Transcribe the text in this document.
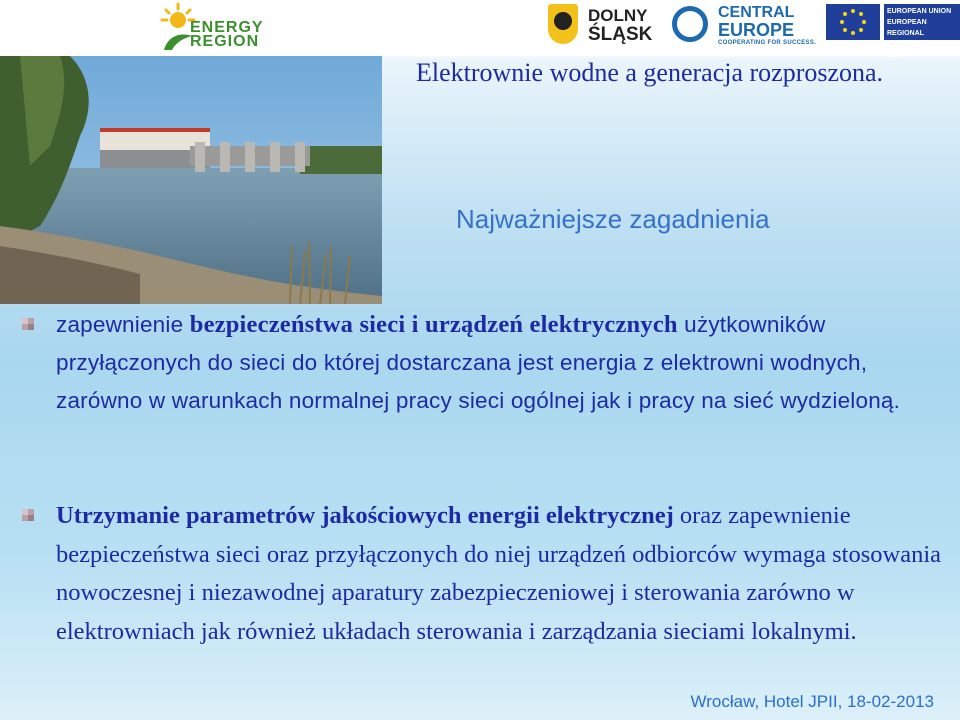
ENERGY
REGION
DOLNY
ŚLĄSK
CENTRAL
EUROPE
COOPERATING FOR SUCCESS.
EUROPEAN UNION
EUROPEAN REGIONAL
DEVELOPMENT FUND
Elektrownie wodne a generacja rozproszona.
Najważniejsze zagadnienia
zapewnienie bezpieczeństwa sieci i urządzeń elektrycznych użytkowników przyłączonych do sieci do której dostarczana jest energia z elektrowni wodnych, zarówno w warunkach normalnej pracy sieci ogólnej jak i pracy na sieć wydzieloną.
Utrzymanie parametrów jakościowych energii elektrycznej oraz zapewnienie bezpieczeństwa sieci oraz przyłączonych do niej urządzeń odbiorców wymaga stosowania nowoczesnej i niezawodnej aparatury zabezpieczeniowej i sterowania zarówno w elektrowniach jak również układach sterowania i zarządzania sieciami lokalnymi.
Wrocław, Hotel JPII, 18-02-2013
